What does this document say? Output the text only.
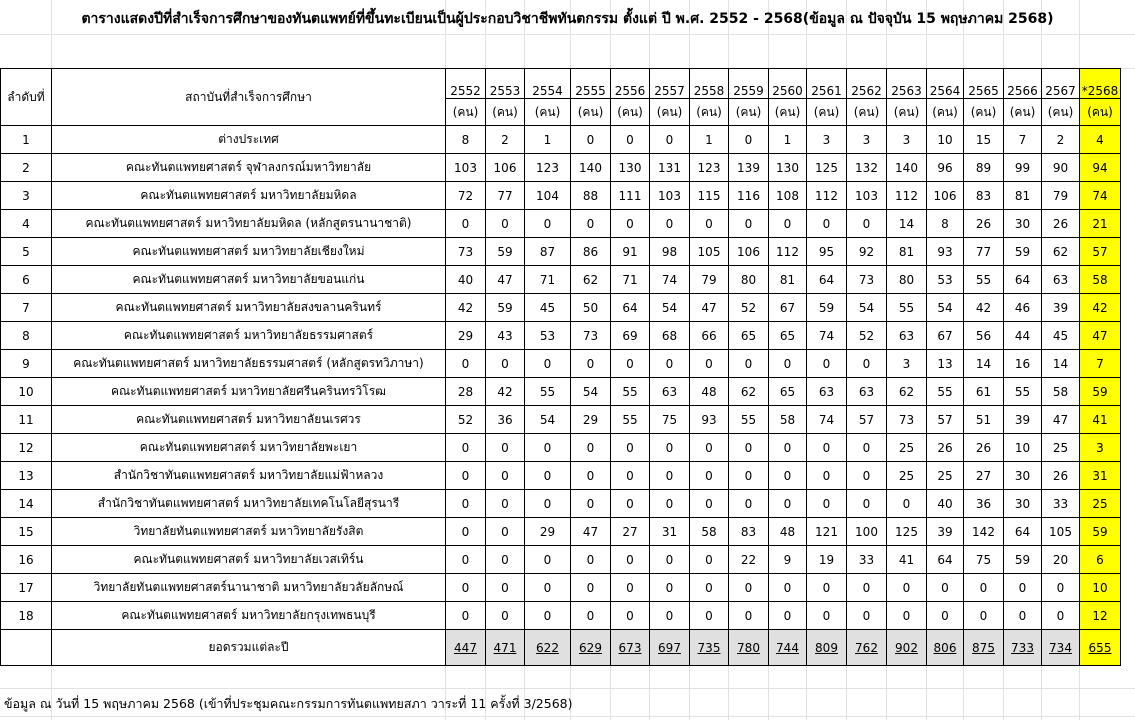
ตารางแสดงปีที่สำเร็จการศึกษาของทันตแพทย์ที่ขึ้นทะเบียนเป็นผู้ประกอบวิชาชีพทันตกรรม ตั้งแต่ ปี พ.ศ. 2552 - 2568(ข้อมูล ณ ปัจจุบัน 15 พฤษภาคม 2568)
ลำดับที่	สถาบันที่สำเร็จการศึกษา	2552	2553	2554	2555	2556	2557	2558	2559	2560	2561	2562	2563	2564	2565	2566	2567	*2568
		(คน)	(คน)	(คน)	(คน)	(คน)	(คน)	(คน)	(คน)	(คน)	(คน)	(คน)	(คน)	(คน)	(คน)	(คน)	(คน)	(คน)
1	ต่างประเทศ	8	2	1	0	0	0	1	0	1	3	3	3	10	15	7	2	4
2	คณะทันตแพทยศาสตร์ จุฬาลงกรณ์มหาวิทยาลัย	103	106	123	140	130	131	123	139	130	125	132	140	96	89	99	90	94
3	คณะทันตแพทยศาสตร์ มหาวิทยาลัยมหิดล	72	77	104	88	111	103	115	116	108	112	103	112	106	83	81	79	74
4	คณะทันตแพทยศาสตร์ มหาวิทยาลัยมหิดล (หลักสูตรนานาชาติ)	0	0	0	0	0	0	0	0	0	0	0	14	8	26	30	26	21
5	คณะทันตแพทยศาสตร์ มหาวิทยาลัยเชียงใหม่	73	59	87	86	91	98	105	106	112	95	92	81	93	77	59	62	57
6	คณะทันตแพทยศาสตร์ มหาวิทยาลัยขอนแก่น	40	47	71	62	71	74	79	80	81	64	73	80	53	55	64	63	58
7	คณะทันตแพทยศาสตร์ มหาวิทยาลัยสงขลานครินทร์	42	59	45	50	64	54	47	52	67	59	54	55	54	42	46	39	42
8	คณะทันตแพทยศาสตร์ มหาวิทยาลัยธรรมศาสตร์	29	43	53	73	69	68	66	65	65	74	52	63	67	56	44	45	47
9	คณะทันตแพทยศาสตร์ มหาวิทยาลัยธรรมศาสตร์ (หลักสูตรทวิภาษา)	0	0	0	0	0	0	0	0	0	0	0	3	13	14	16	14	7
10	คณะทันตแพทยศาสตร์ มหาวิทยาลัยศรีนครินทรวิโรฒ	28	42	55	54	55	63	48	62	65	63	63	62	55	61	55	58	59
11	คณะทันตแพทยศาสตร์ มหาวิทยาลัยนเรศวร	52	36	54	29	55	75	93	55	58	74	57	73	57	51	39	47	41
12	คณะทันตแพทยศาสตร์ มหาวิทยาลัยพะเยา	0	0	0	0	0	0	0	0	0	0	0	25	26	26	10	25	3
13	สำนักวิชาทันตแพทยศาสตร์ มหาวิทยาลัยแม่ฟ้าหลวง	0	0	0	0	0	0	0	0	0	0	0	25	25	27	30	26	31
14	สำนักวิชาทันตแพทยศาสตร์ มหาวิทยาลัยเทคโนโลยีสุรนารี	0	0	0	0	0	0	0	0	0	0	0	0	40	36	30	33	25
15	วิทยาลัยทันตแพทยศาสตร์ มหาวิทยาลัยรังสิต	0	0	29	47	27	31	58	83	48	121	100	125	39	142	64	105	59
16	คณะทันตแพทยศาสตร์ มหาวิทยาลัยเวสเทิร์น	0	0	0	0	0	0	0	22	9	19	33	41	64	75	59	20	6
17	วิทยาลัยทันตแพทยศาสตร์นานาชาติ มหาวิทยาลัยวลัยลักษณ์	0	0	0	0	0	0	0	0	0	0	0	0	0	0	0	0	10
18	คณะทันตแพทยศาสตร์ มหาวิทยาลัยกรุงเทพธนบุรี	0	0	0	0	0	0	0	0	0	0	0	0	0	0	0	0	12
	ยอดรวมแต่ละปี	447	471	622	629	673	697	735	780	744	809	762	902	806	875	733	734	655
ข้อมูล ณ วันที่ 15 พฤษภาคม 2568 (เข้าที่ประชุมคณะกรรมการทันตแพทยสภา วาระที่ 11 ครั้งที่ 3/2568)
